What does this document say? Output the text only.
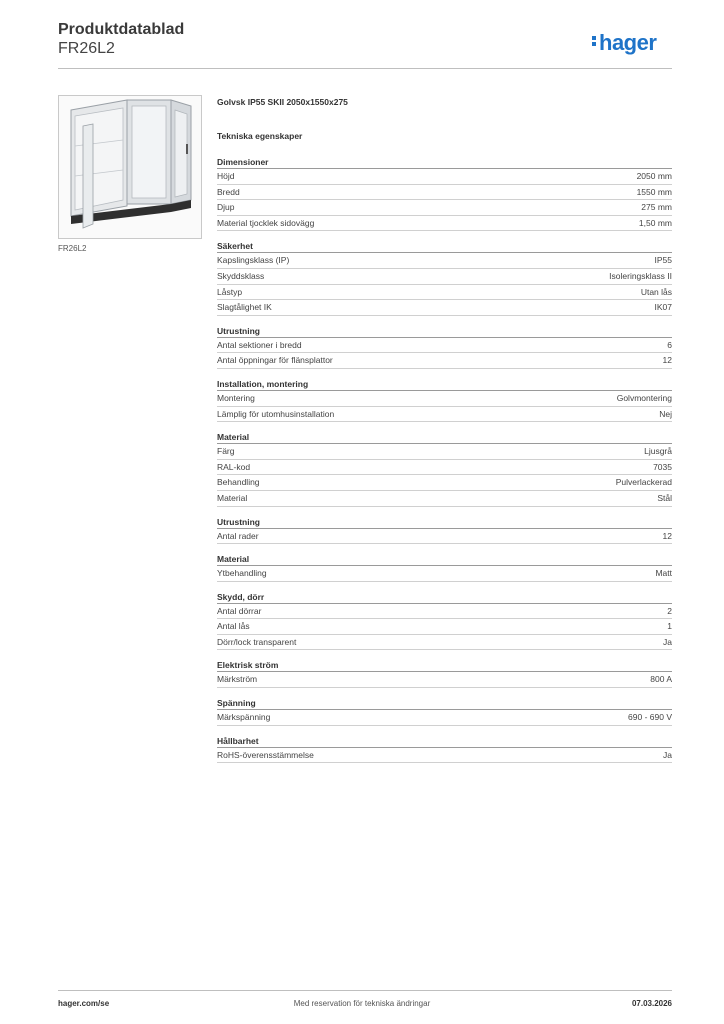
Produktdatablad
FR26L2	hager
FR26L2
Golvsk IP55 SKII 2050x1550x275
Tekniska egenskaper
Dimensioner
Höjd	2050 mm
Bredd	1550 mm
Djup	275 mm
Material tjocklek sidovägg	1,50 mm
Säkerhet
Kapslingsklass (IP)	IP55
Skyddsklass	Isoleringsklass II
Låstyp	Utan lås
Slagtålighet IK	IK07
Utrustning
Antal sektioner i bredd	6
Antal öppningar för flänsplattor	12
Installation, montering
Montering	Golvmontering
Lämplig för utomhusinstallation	Nej
Material
Färg	Ljusgrå
RAL-kod	7035
Behandling	Pulverlackerad
Material	Stål
Utrustning
Antal rader	12
Material
Ytbehandling	Matt
Skydd, dörr
Antal dörrar	2
Antal lås	1
Dörr/lock transparent	Ja
Elektrisk ström
Märkström	800 A
Spänning
Märkspänning	690 - 690 V
Hållbarhet
RoHS-överensstämmelse	Ja
hager.com/se	Med reservation för tekniska ändringar	07.03.2026
